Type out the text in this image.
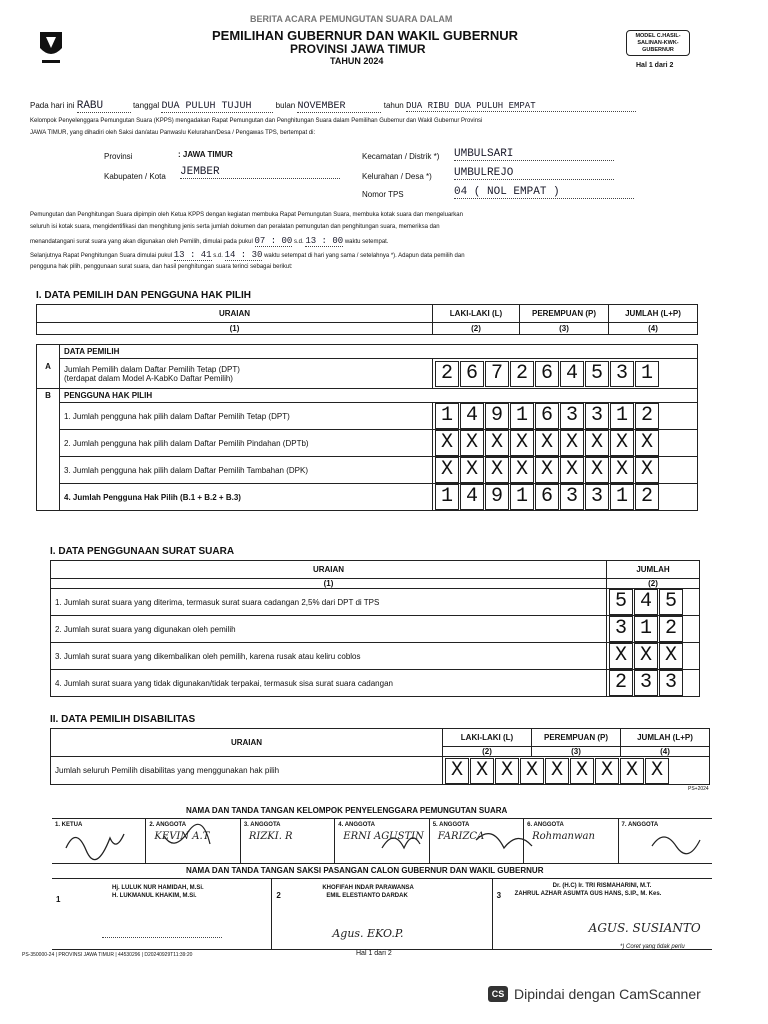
BERITA ACARA PEMUNGUTAN SUARA DALAM
PEMILIHAN GUBERNUR DAN WAKIL GUBERNUR
PROVINSI JAWA TIMUR
TAHUN 2024
MODEL C.HASIL-SALINAN-KWK-GUBERNUR
Hal 1 dari 2
Pada hari ini RABU	tanggal DUA PULUH TUJUH	bulan NOVEMBER	tahun DUA RIBU DUA PULUH EMPAT
Kelompok Penyelenggara Pemungutan Suara (KPPS) mengadakan Rapat Pemungutan dan Penghitungan Suara dalam Pemilihan Gubernur dan Wakil Gubernur Provinsi
JAWA TIMUR, yang dihadiri oleh Saksi dan/atau Panwaslu Kelurahan/Desa / Pengawas TPS, bertempat di:
Provinsi	: JAWA TIMUR
Kabupaten / Kota JEMBER
Kecamatan / Distrik *) UMBULSARI
Kelurahan / Desa *) UMBULREJO
Nomor TPS	04 ( NOL EMPAT )
Pemungutan dan Penghitungan Suara dipimpin oleh Ketua KPPS dengan kegiatan membuka Rapat Pemungutan Suara, membuka kotak suara dan mengeluarkan
seluruh isi kotak suara, mengidentifikasi dan menghitung jenis serta jumlah dokumen dan peralatan pemungutan dan penghitungan suara, memeriksa dan
menandatangani surat suara yang akan digunakan oleh Pemilih, dimulai pada pukul 07 : 00 s.d. 13 : 00 waktu setempat.
Selanjutnya Rapat Penghitungan Suara dimulai pukul 13 : 41 s.d. 14 : 30 waktu setempat di hari yang sama / setelahnya *). Adapun data pemilih dan
pengguna hak pilih, penggunaan surat suara, dan hasil penghitungan suara terinci sebagai berikut:
I. DATA PEMILIH DAN PENGGUNA HAK PILIH
URAIAN		LAKI-LAKI (L)	PEREMPUAN (P)	JUMLAH (L+P)
(1)		(2)	(3)	(4)

A	DATA PEMILIH			

	Jumlah Pemilih dalam Daftar Pemilih Tetap (DPT)
(terdapat dalam Model A-KabKo Daftar Pemilih)	2 6 7 2 6 4 5 3 1		
B	PENGGUNA HAK PILIH			
	1. Jumlah pengguna hak pilih dalam Daftar Pemilih Tetap (DPT)	1 4 9 1 6 3 3 1 2		
	2. Jumlah pengguna hak pilih dalam Daftar Pemilih Pindahan (DPTb)	X X X X X X X X X		
	3. Jumlah pengguna hak pilih dalam Daftar Pemilih Tambahan (DPK)	X X X X X X X X X		
	4. Jumlah Pengguna Hak Pilih (B.1 + B.2 + B.3)	1 4 9 1 6 3 3 1 2		
I. DATA PENGGUNAAN SURAT SUARA
URAIAN	JUMLAH
(1)	(2)
1. Jumlah surat suara yang diterima, termasuk surat suara cadangan 2,5% dari DPT di TPS	5 4 5
2. Jumlah surat suara yang digunakan oleh pemilih	3 1 2
3. Jumlah surat suara yang dikembalikan oleh pemilih, karena rusak atau keliru coblos	X X X
4. Jumlah surat suara yang tidak digunakan/tidak terpakai, termasuk sisa surat suara cadangan	2 3 3
II. DATA PEMILIH DISABILITAS
URAIAN	LAKI-LAKI (L)	PEREMPUAN (P)	JUMLAH (L+P)
	(2)	(3)	(4)
Jumlah seluruh Pemilih disabilitas yang menggunakan hak pilih	X X X X X X X X X		
PS+2024
NAMA DAN TANDA TANGAN KELOMPOK PENYELENGGARA PEMUNGUTAN SUARA
1. KETUA	2. ANGGOTA
KEVIN A.T
3. ANGGOTA
RIZKI. R
4. ANGGOTA
ERNI AGUSTIN
5. ANGGOTA
FARIZCA
6. ANGGOTA
Rohmanwan
7. ANGGOTA
NAMA DAN TANDA TANGAN SAKSI PASANGAN CALON GUBERNUR DAN WAKIL GUBERNUR
1
Hj. LULUK NUR HAMIDAH, M.Si.
H. LUKMANUL KHAKIM, M.Si.	2
KHOFIFAH INDAR PARAWANSA
EMIL ELESTIANTO DARDAK
Agus. EKO.P.
3
Dr. (H.C) Ir. TRI RISMAHARINI, M.T.
ZAHRUL AZHAR ASUMTA GUS HANS, S.IP., M. Kes.
AGUS. SUSIANTO
PS-350000-24 | PROVINSI JAWA TIMUR | 44530296 | D20240929T11:39:20	Hal 1 dari 2
*) Coret yang tidak perlu
CS Dipindai dengan CamScanner
